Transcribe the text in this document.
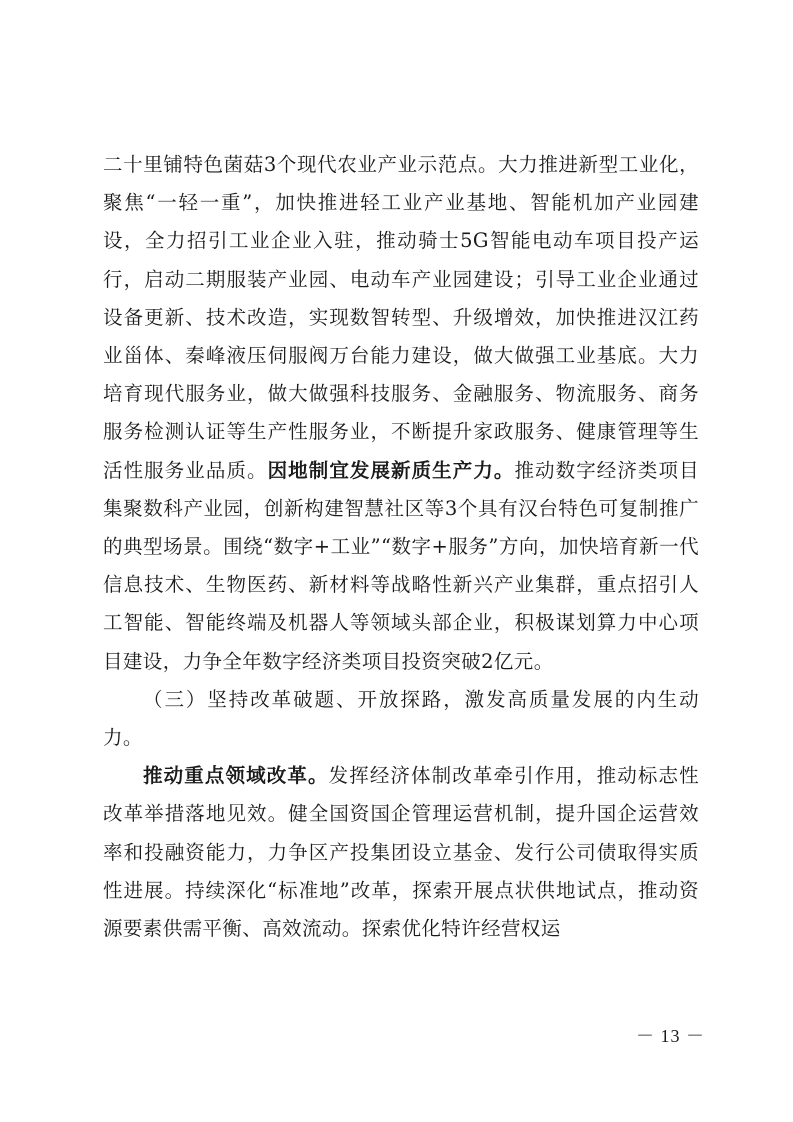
二十里铺特色菌菇3个现代农业产业示范点。大力推进新型工业化，聚焦“一轻一重”，加快推进轻工业产业基地、智能机加产业园建设，全力招引工业企业入驻，推动骑士5G智能电动车项目投产运行，启动二期服装产业园、电动车产业园建设；引导工业企业通过设备更新、技术改造，实现数智转型、升级增效，加快推进汉江药业甾体、秦峰液压伺服阀万台能力建设，做大做强工业基底。大力培育现代服务业，做大做强科技服务、金融服务、物流服务、商务服务检测认证等生产性服务业，不断提升家政服务、健康管理等生活性服务业品质。因地制宜发展新质生产力。推动数字经济类项目集聚数科产业园，创新构建智慧社区等3个具有汉台特色可复制推广的典型场景。围绕“数字+工业”“数字+服务”方向，加快培育新一代信息技术、生物医药、新材料等战略性新兴产业集群，重点招引人工智能、智能终端及机器人等领域头部企业，积极谋划算力中心项目建设，力争全年数字经济类项目投资突破2亿元。

（三）坚持改革破题、开放探路，激发高质量发展的内生动力。

推动重点领域改革。发挥经济体制改革牵引作用，推动标志性改革举措落地见效。健全国资国企管理运营机制，提升国企运营效率和投融资能力，力争区产投集团设立基金、发行公司债取得实质性进展。持续深化“标准地”改革，探索开展点状供地试点，推动资源要素供需平衡、高效流动。探索优化特许经营权运

－ 13 －
